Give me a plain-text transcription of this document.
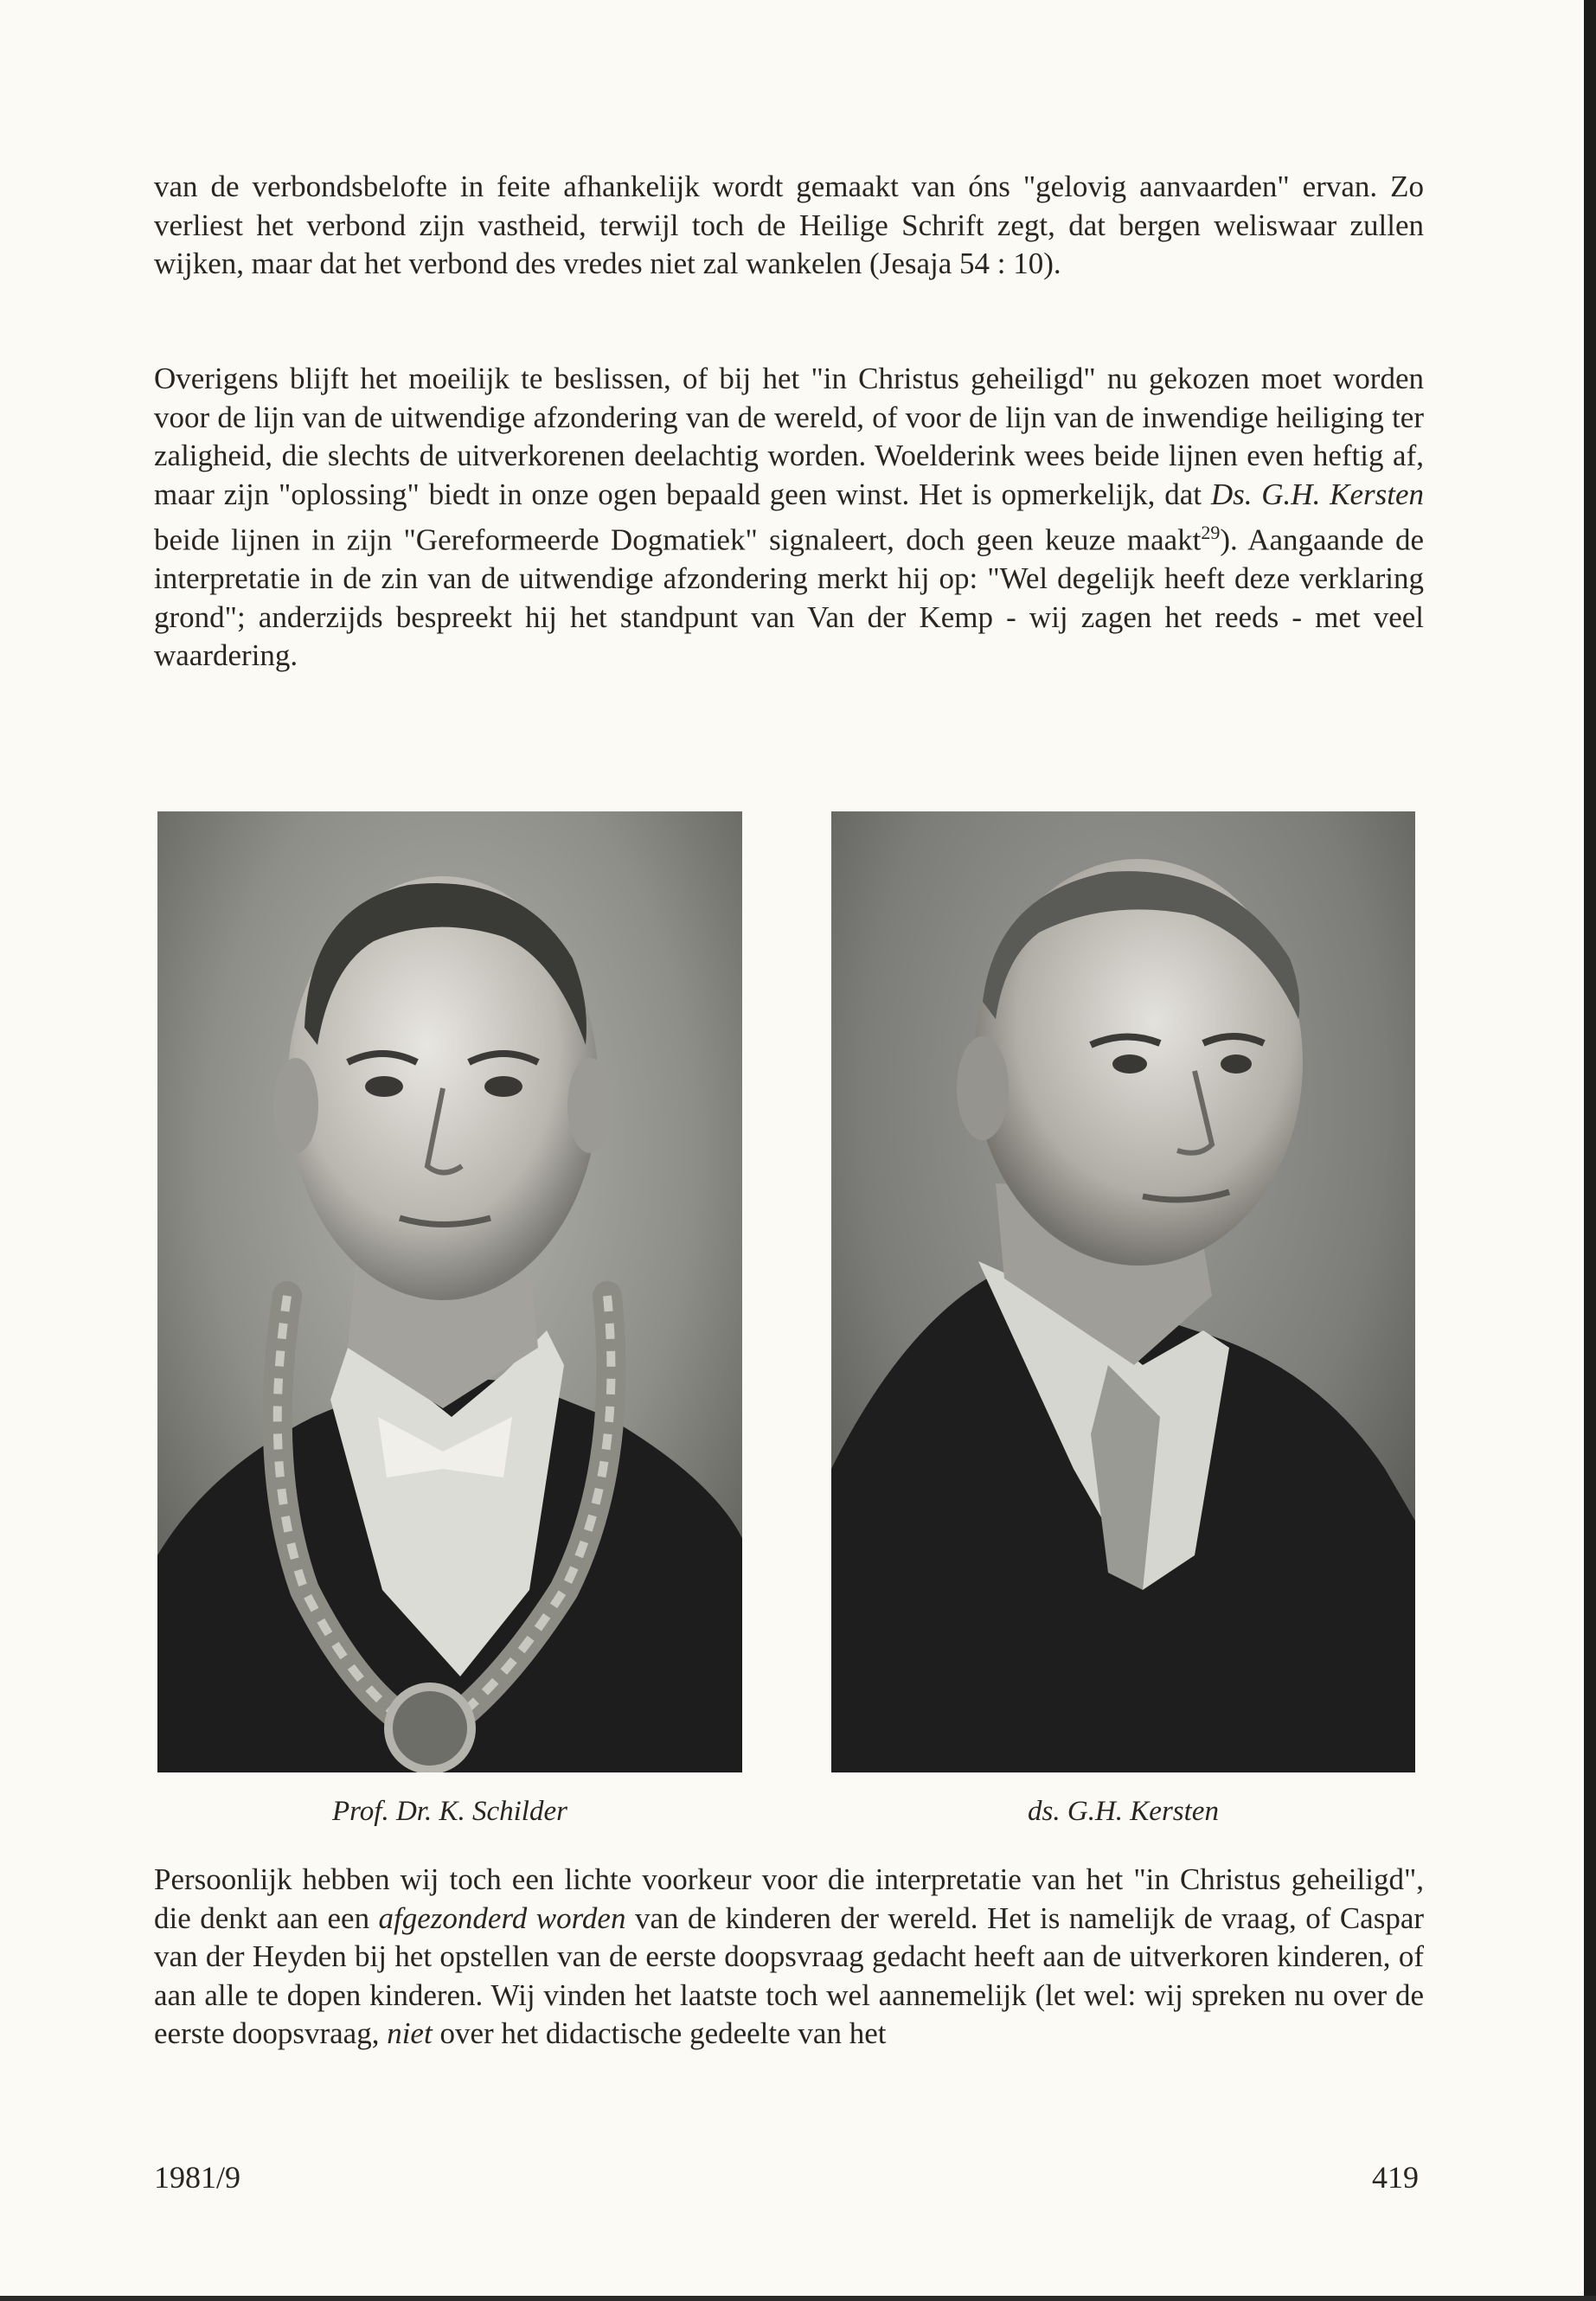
van de verbondsbelofte in feite afhankelijk wordt gemaakt van óns "gelovig aanvaarden" ervan. Zo verliest het verbond zijn vastheid, terwijl toch de Heilige Schrift zegt, dat bergen weliswaar zullen wijken, maar dat het verbond des vredes niet zal wankelen (Jesaja 54 : 10).

Overigens blijft het moeilijk te beslissen, of bij het "in Christus geheiligd" nu gekozen moet worden voor de lijn van de uitwendige afzondering van de wereld, of voor de lijn van de inwendige heiliging ter zaligheid, die slechts de uitverkorenen deelachtig worden. Woelderink wees beide lijnen even heftig af, maar zijn "oplossing" biedt in onze ogen bepaald geen winst. Het is opmerkelijk, dat Ds. G.H. Kersten beide lijnen in zijn "Gereformeerde Dogmatiek" signaleert, doch geen keuze maakt$^{29}$). Aangaande de interpretatie in de zin van de uitwendige afzondering merkt hij op: "Wel degelijk heeft deze verklaring grond"; anderzijds bespreekt hij het standpunt van Van der Kemp - wij zagen het reeds - met veel waardering.

Prof. Dr. K. Schilder	ds. G.H. Kersten

Persoonlijk hebben wij toch een lichte voorkeur voor die interpretatie van het "in Christus geheiligd", die denkt aan een afgezonderd worden van de kinderen der wereld. Het is namelijk de vraag, of Caspar van der Heyden bij het opstellen van de eerste doopsvraag gedacht heeft aan de uitverkoren kinderen, of aan alle te dopen kinderen. Wij vinden het laatste toch wel aannemelijk (let wel: wij spreken nu over de eerste doopsvraag, niet over het didactische gedeelte van het

1981/9	419
